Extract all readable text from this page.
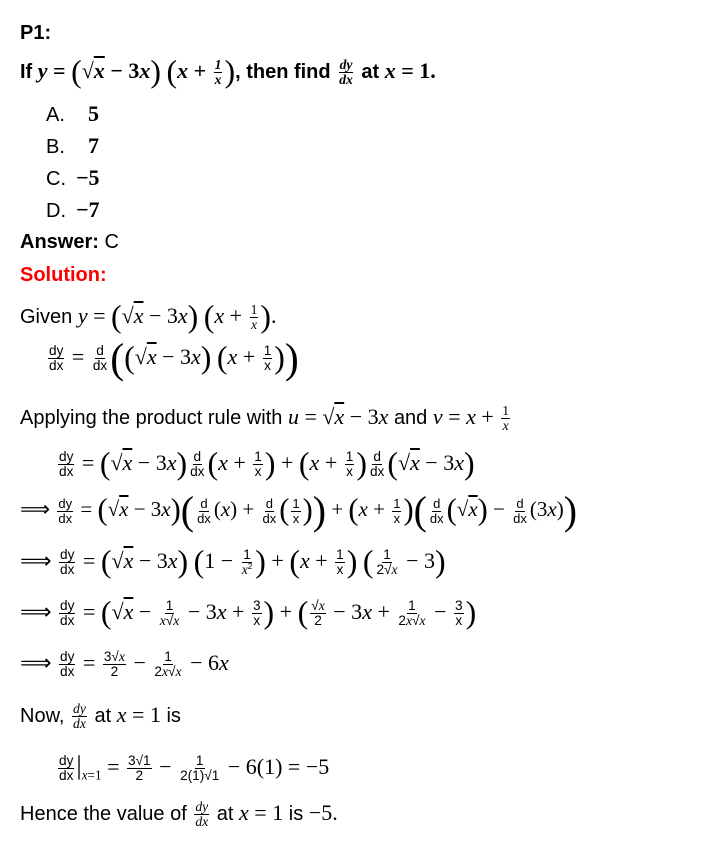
P1:
If y = (√x − 3x) ($x + \frac{1}{x}$ ), then find $\frac{dy}{dx}$ at x = 1.
A. 5
B. 7
C. −5
D. −7
Answer: C
Solution:
Given y = (√x − 3x) ($x + \frac{1}{x}$ ).
$\frac{dy}{dx} = \frac{d}{dx} ((√x - 3x) (x + \frac{1}{x}$ ))
Applying the product rule with u = √x − 3x and $v = x + \frac{1}{x}$
$\frac{dy}{dx} = (√x - 3x) \frac{d}{dx} (x + \frac{1}{x}$ ) + ($x + \frac{1}{x}$ ) $\frac{d}{dx} (√x - 3x)$
⟹ $\frac{dy}{dx} = (√x - 3x)( \frac{d}{dx} (x) + \frac{d}{dx}$ ( $\frac{1}{x}$ )) + ($x + \frac{1}{x}$ )( $\frac{d}{dx} (√x) - \frac{d}{dx} (3x)$)
⟹ $\frac{dy}{dx} = (√x - 3x) (1 - \frac{1}{x^2}$ ) + ($x + \frac{1}{x}$ ) ( $\frac{1}{2√x} - 3$)
⟹ $\frac{dy}{dx} = (√x - \frac{1}{x√x} - 3x + \frac{3}{x}$ ) + ( $\frac{√x}{2} - 3x + \frac{1}{2x√x} - \frac{3}{x}$ )
⟹ $\frac{dy}{dx} = \frac{3√x}{2} - \frac{1}{2x√x} - 6x$
Now, $\frac{dy}{dx}$ at x = 1 is
$\frac{dy}{dx} |_{x=1} = \frac{3√1}{2} - \frac{1}{2(1)√1} - 6(1) = -5$
Hence the value of $\frac{dy}{dx}$ at x = 1 is −5.
